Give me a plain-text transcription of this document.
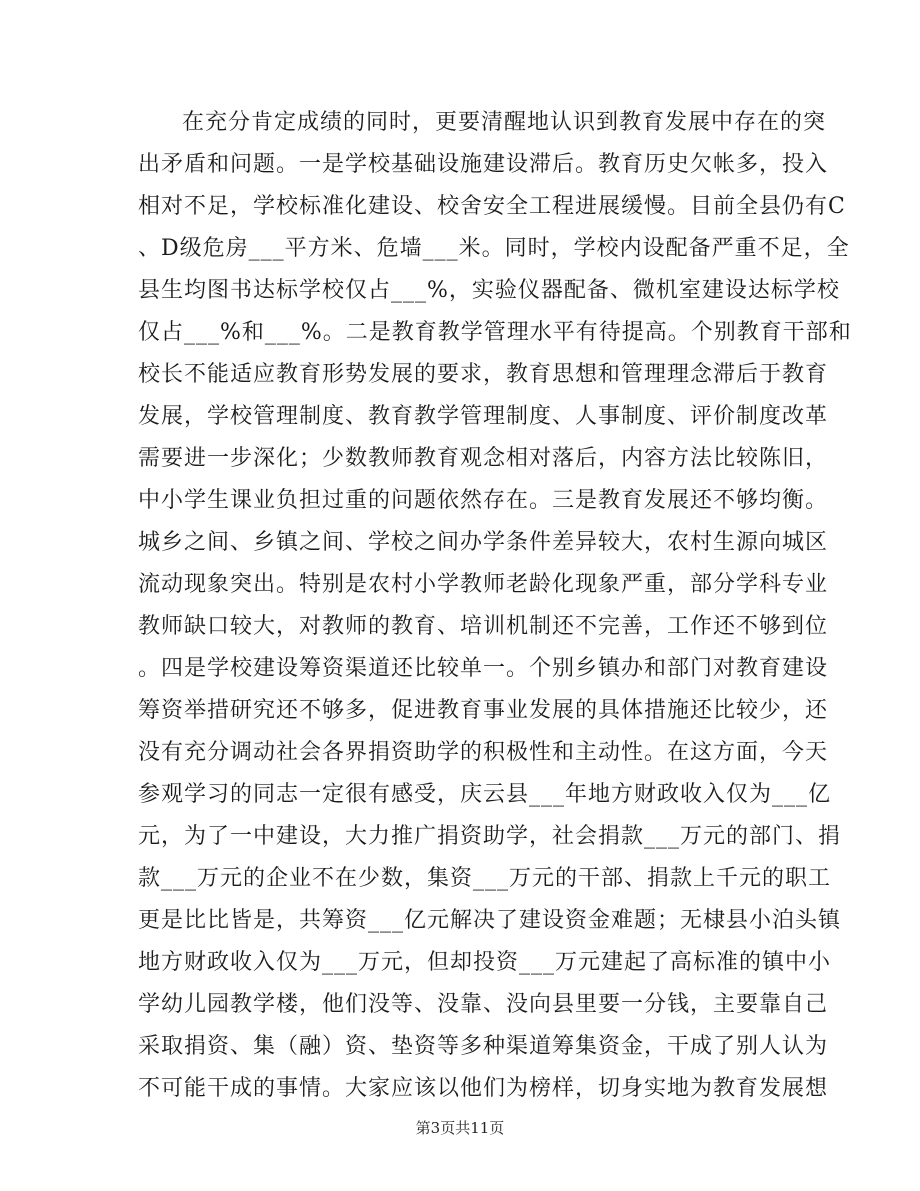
在充分肯定成绩的同时，更要清醒地认识到教育发展中存在的突
出矛盾和问题。一是学校基础设施建设滞后。教育历史欠帐多，投入
相对不足，学校标准化建设、校舍安全工程进展缓慢。目前全县仍有C
、D级危房___平方米、危墙___米。同时，学校内设配备严重不足，全
县生均图书达标学校仅占___%，实验仪器配备、微机室建设达标学校
仅占___%和___%。二是教育教学管理水平有待提高。个别教育干部和
校长不能适应教育形势发展的要求，教育思想和管理理念滞后于教育
发展，学校管理制度、教育教学管理制度、人事制度、评价制度改革
需要进一步深化；少数教师教育观念相对落后，内容方法比较陈旧，
中小学生课业负担过重的问题依然存在。三是教育发展还不够均衡。
城乡之间、乡镇之间、学校之间办学条件差异较大，农村生源向城区
流动现象突出。特别是农村小学教师老龄化现象严重，部分学科专业
教师缺口较大，对教师的教育、培训机制还不完善，工作还不够到位
。四是学校建设筹资渠道还比较单一。个别乡镇办和部门对教育建设
筹资举措研究还不够多，促进教育事业发展的具体措施还比较少，还
没有充分调动社会各界捐资助学的积极性和主动性。在这方面，今天
参观学习的同志一定很有感受，庆云县___年地方财政收入仅为___亿
元，为了一中建设，大力推广捐资助学，社会捐款___万元的部门、捐
款___万元的企业不在少数，集资___万元的干部、捐款上千元的职工
更是比比皆是，共筹资___亿元解决了建设资金难题；无棣县小泊头镇
地方财政收入仅为___万元，但却投资___万元建起了高标准的镇中小
学幼儿园教学楼，他们没等、没靠、没向县里要一分钱，主要靠自己
采取捐资、集（融）资、垫资等多种渠道筹集资金，干成了别人认为
不可能干成的事情。大家应该以他们为榜样，切身实地为教育发展想
第3页共11页
